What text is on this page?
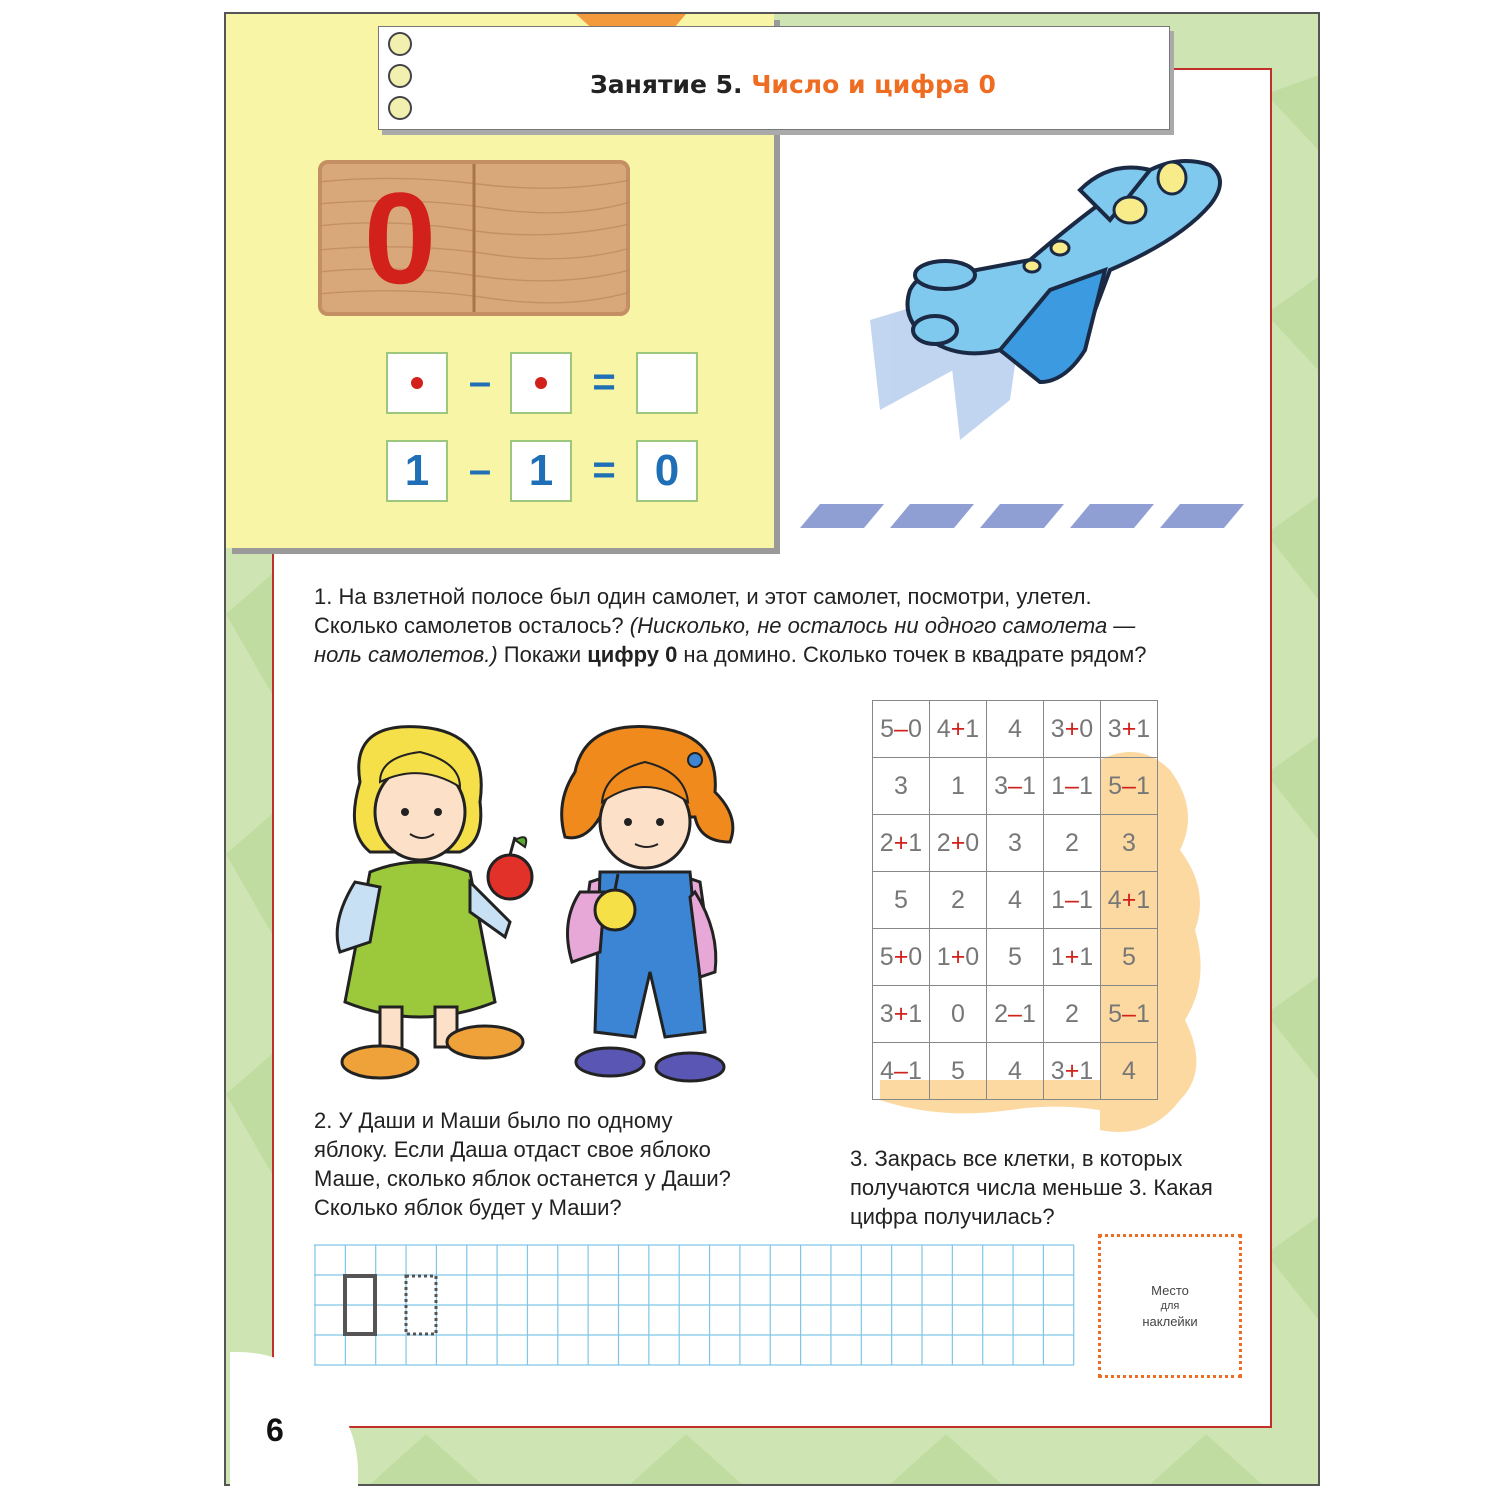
Занятие 5. Число и цифра 0
0
–	=
1 – 1 = 0
1. На взлетной полосе был один самолет, и этот самолет, посмотри, улетел.
Сколько самолетов осталось? (Нисколько, не осталось ни одного самолета —
ноль самолетов.) Покажи цифру 0 на домино. Сколько точек в квадрате рядом?
5–0	4+1	4	3+0	3+1
3	1	3–1	1–1	5–1
2+1	2+0	3	2	3
5	2	4	1–1	4+1
5+0	1+0	5	1+1	5
3+1	0	2–1	2	5–1
4–1	5	4	3+1	4
2. У Даши и Маши было по одному
яблоку. Если Даша отдаст свое яблоко
Маше, сколько яблок останется у Даши?
Сколько яблок будет у Маши?
3. Закрась все клетки, в которых
получаются числа меньше 3. Какая
цифра получилась?
Место
для
наклейки
6
